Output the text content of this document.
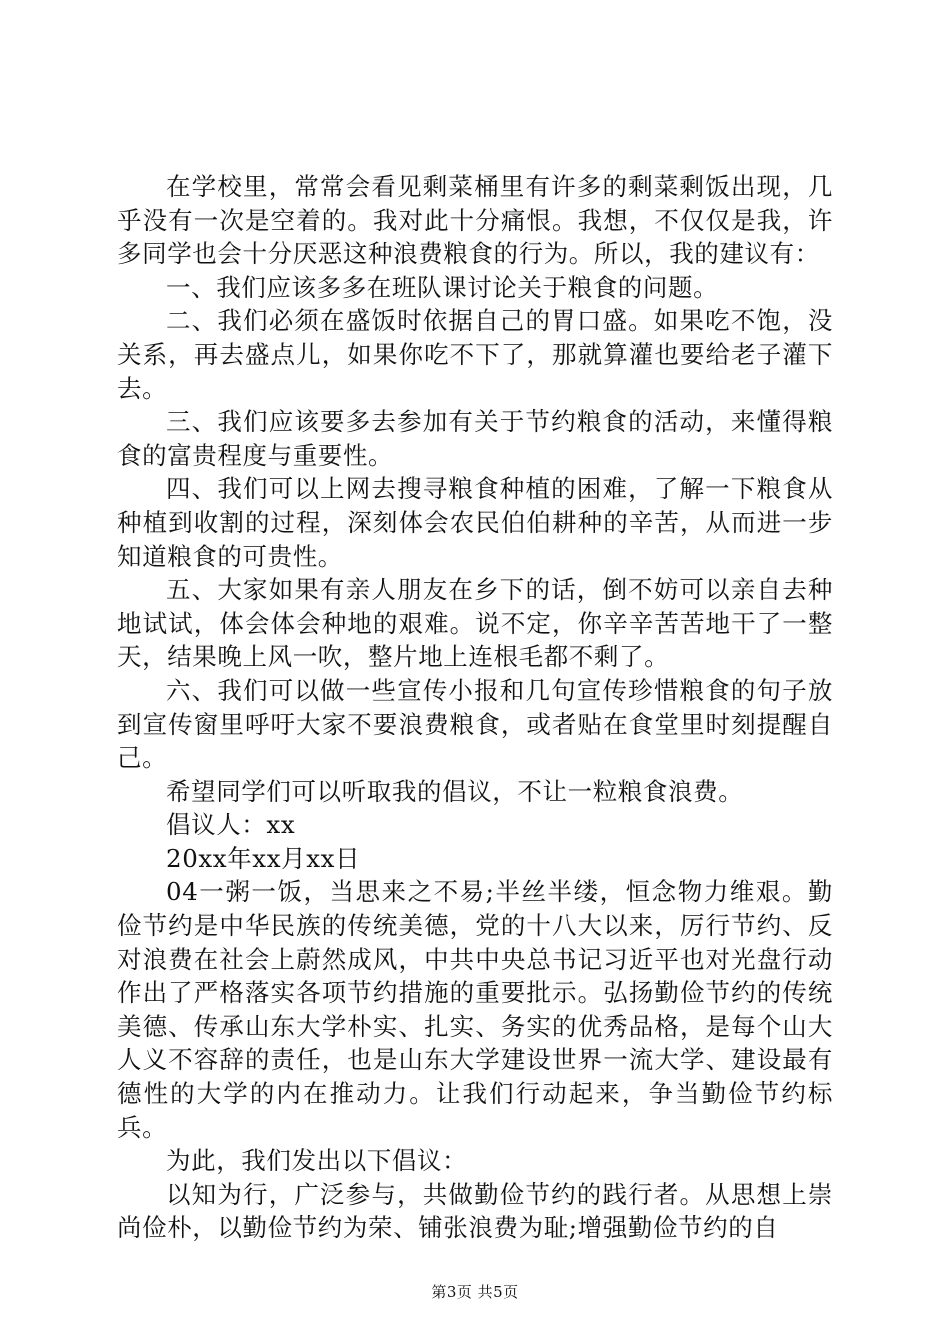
在学校里，常常会看见剩菜桶里有许多的剩菜剩饭出现，几乎没有一次是空着的。我对此十分痛恨。我想，不仅仅是我，许多同学也会十分厌恶这种浪费粮食的行为。所以，我的建议有：

一、我们应该多多在班队课讨论关于粮食的问题。

二、我们必须在盛饭时依据自己的胃口盛。如果吃不饱，没关系，再去盛点儿，如果你吃不下了，那就算灌也要给老子灌下去。

三、我们应该要多去参加有关于节约粮食的活动，来懂得粮食的富贵程度与重要性。

四、我们可以上网去搜寻粮食种植的困难，了解一下粮食从种植到收割的过程，深刻体会农民伯伯耕种的辛苦，从而进一步知道粮食的可贵性。

五、大家如果有亲人朋友在乡下的话，倒不妨可以亲自去种地试试，体会体会种地的艰难。说不定，你辛辛苦苦地干了一整天，结果晚上风一吹，整片地上连根毛都不剩了。

六、我们可以做一些宣传小报和几句宣传珍惜粮食的句子放到宣传窗里呼吁大家不要浪费粮食，或者贴在食堂里时刻提醒自己。

希望同学们可以听取我的倡议，不让一粒粮食浪费。

倡议人：xx

20xx年xx月xx日

04一粥一饭，当思来之不易;半丝半缕，恒念物力维艰。勤俭节约是中华民族的传统美德，党的十八大以来，厉行节约、反对浪费在社会上蔚然成风，中共中央总书记习近平也对光盘行动作出了严格落实各项节约措施的重要批示。弘扬勤俭节约的传统美德、传承山东大学朴实、扎实、务实的优秀品格，是每个山大人义不容辞的责任，也是山东大学建设世界一流大学、建设最有德性的大学的内在推动力。让我们行动起来，争当勤俭节约标兵。

为此，我们发出以下倡议：

以知为行，广泛参与，共做勤俭节约的践行者。从思想上崇尚俭朴，以勤俭节约为荣、铺张浪费为耻;增强勤俭节约的自

第3页 共5页
